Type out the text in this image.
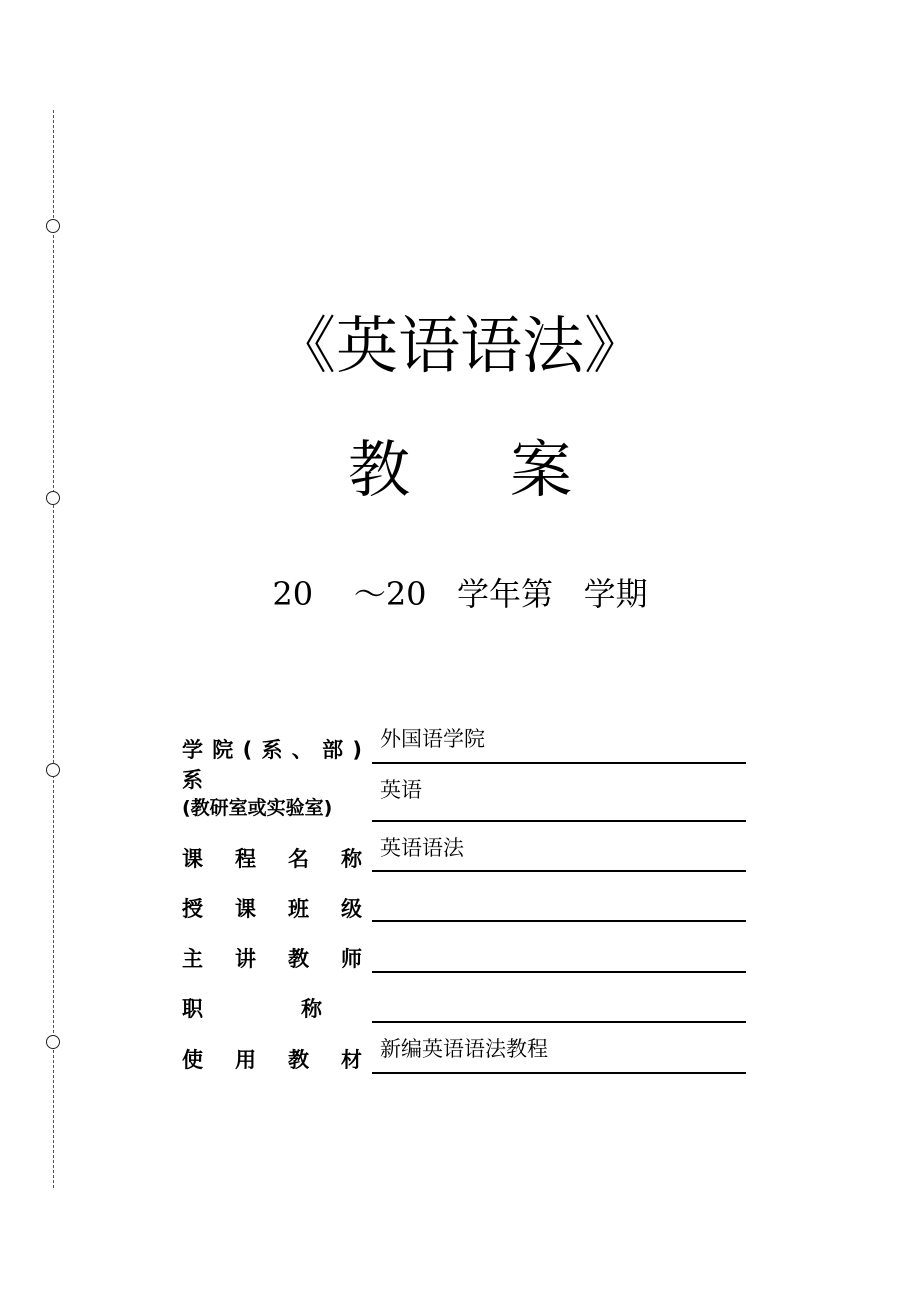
《英语语法》
教 案
20    ～20   学年第   学期
学 院 ( 系 、 部 )
系
外国语学院
(教研室或实验室)
英语
课 程 名 称 英语语法
授 课 班 级
主 讲 教 师
职	称
使 用 教 材 新编英语语法教程
